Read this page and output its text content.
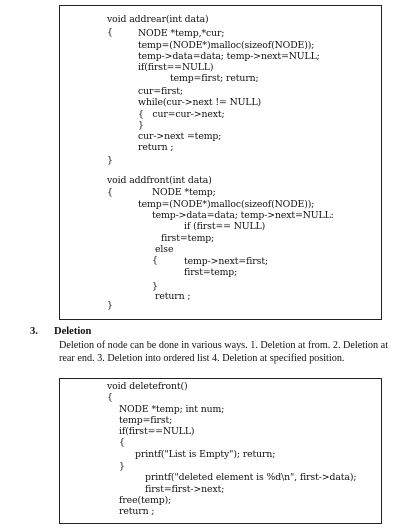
void addrear(int data)
{	NODE *temp,*cur;
temp=(NODE*)malloc(sizeof(NODE));
temp->data=data; temp->next=NULL;
if(first==NULL)
temp=first; return;
cur=first;
while(cur->next != NULL)
{   cur=cur->next;
}
cur->next =temp;
return ;
}
void addfront(int data)
{	NODE *temp;
temp=(NODE*)malloc(sizeof(NODE));
temp->data=data; temp->next=NULL:
if (first== NULL)
first=temp;
else
{	temp->next=first;
first=temp;
}
return ;
}
3. Deletion
Deletion of node can be done in various ways. 1. Deletion at from. 2. Deletion at rear end. 3. Deletion into ordered list 4. Deletion at specified position.
void deletefront()
{
NODE *temp; int num;
temp=first;
if(first==NULL)
{
printf("List is Empty"); return;
}
printf("deleted element is %d\n", first->data);
first=first->next;
free(temp);
return ;
